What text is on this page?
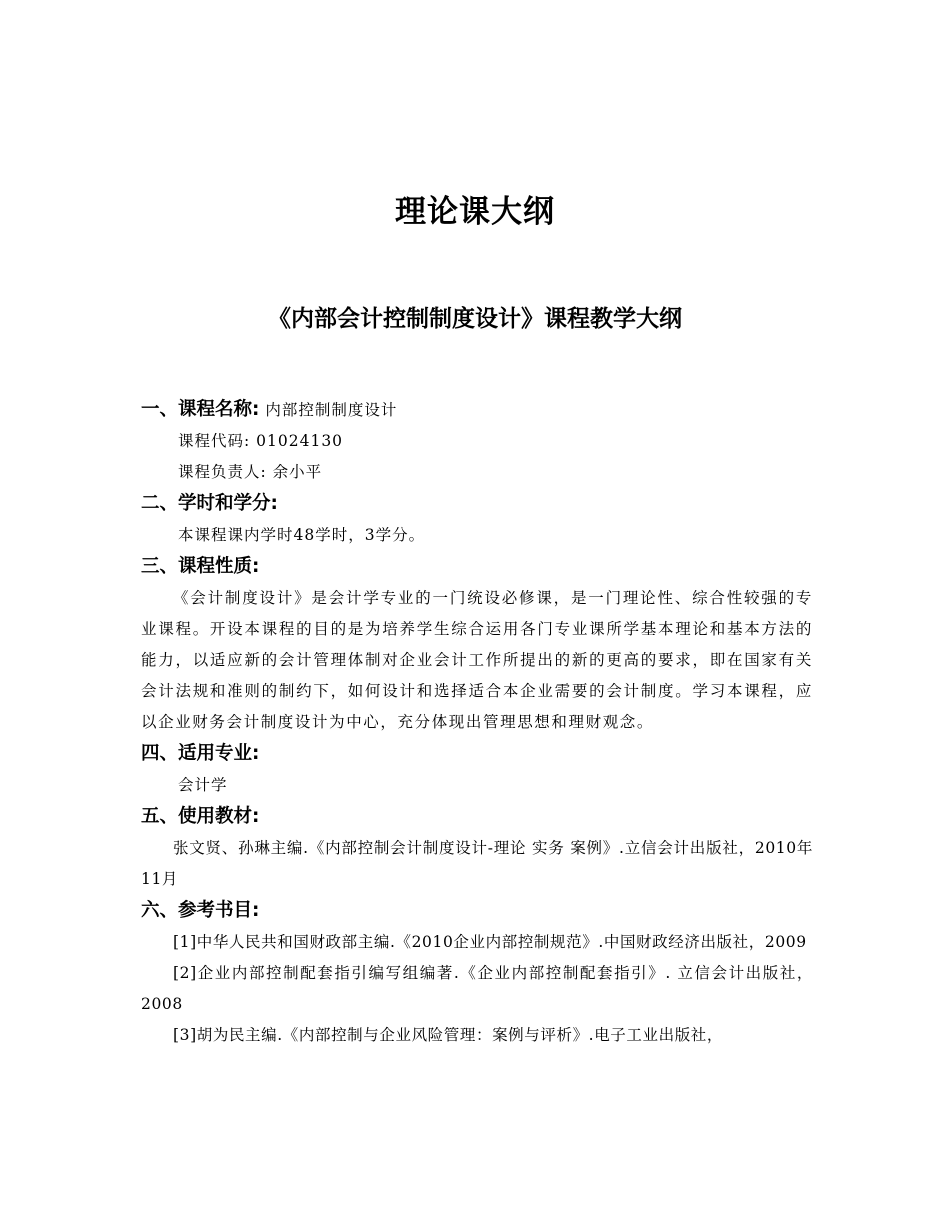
理论课大纲
《内部会计控制制度设计》课程教学大纲
一、课程名称: 内部控制制度设计
课程代码: 01024130
课程负责人: 余小平
二、学时和学分:
本课程课内学时48学时，3学分。
三、课程性质:
《会计制度设计》是会计学专业的一门统设必修课，是一门理论性、综合性较强的专业课程。开设本课程的目的是为培养学生综合运用各门专业课所学基本理论和基本方法的能力，以适应新的会计管理体制对企业会计工作所提出的新的更高的要求，即在国家有关会计法规和准则的制约下，如何设计和选择适合本企业需要的会计制度。学习本课程，应以企业财务会计制度设计为中心，充分体现出管理思想和理财观念。
四、适用专业:
会计学
五、使用教材:
张文贤、孙琳主编.《内部控制会计制度设计-理论 实务 案例》.立信会计出版社，2010年11月
六、参考书目:
[1]中华人民共和国财政部主编.《2010企业内部控制规范》.中国财政经济出版社，2009
[2]企业内部控制配套指引编写组编著.《企业内部控制配套指引》. 立信会计出版社，2008
[3]胡为民主编.《内部控制与企业风险管理：案例与评析》.电子工业出版社，
